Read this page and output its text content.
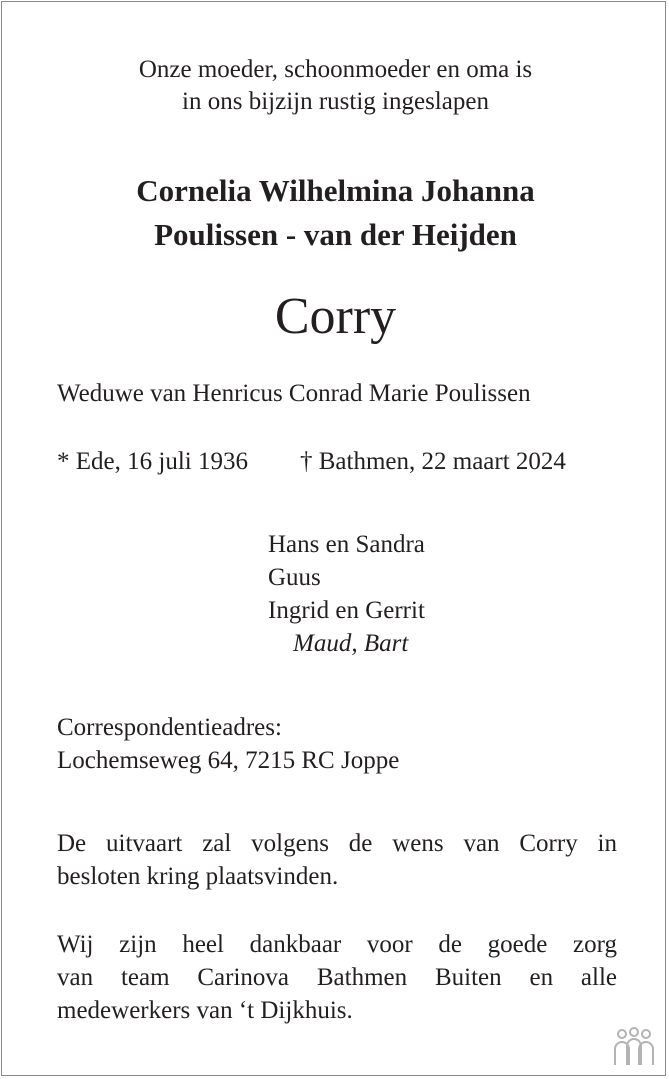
Onze moeder, schoonmoeder en oma is
in ons bijzijn rustig ingeslapen
Cornelia Wilhelmina Johanna
Poulissen - van der Heijden
Corry
Weduwe van Henricus Conrad Marie Poulissen
* Ede, 16 juli 1936 † Bathmen, 22 maart 2024
Hans en Sandra
Guus
Ingrid en Gerrit
Maud, Bart
Correspondentieadres:
Lochemseweg 64, 7215 RC Joppe
De uitvaart zal volgens de wens van Corry in
besloten kring plaatsvinden.
Wij zijn heel dankbaar voor de goede zorg
van team Carinova Bathmen Buiten en alle
medewerkers van ‘t Dijkhuis.
